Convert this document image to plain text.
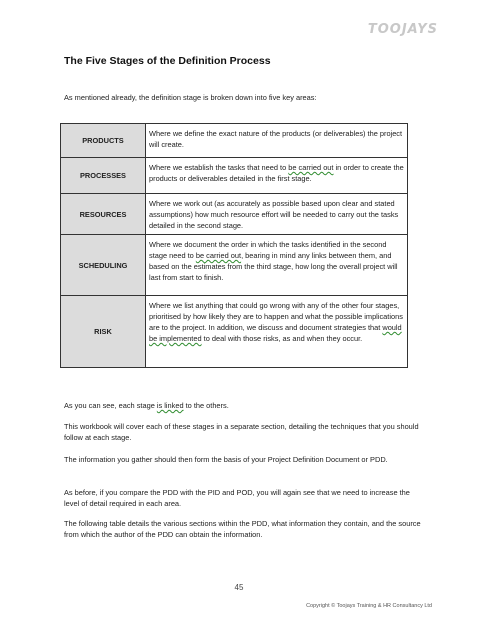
TOOJAYS
The Five Stages of the Definition Process
As mentioned already, the definition stage is broken down into five key areas:
PRODUCTS	Where we define the exact nature of the products (or deliverables) the project will create.
PROCESSES	Where we establish the tasks that need to be carried out in order to create the products or deliverables detailed in the first stage.
RESOURCES	Where we work out (as accurately as possible based upon clear and stated assumptions) how much resource effort will be needed to carry out the tasks detailed in the second stage.
SCHEDULING	Where we document the order in which the tasks identified in the second stage need to be carried out, bearing in mind any links between them, and based on the estimates from the third stage, how long the overall project will last from start to finish.
RISK	Where we list anything that could go wrong with any of the other four stages, prioritised by how likely they are to happen and what the possible implications are to the project. In addition, we discuss and document strategies that would be implemented to deal with those risks, as and when they occur.
As you can see, each stage is linked to the others.
This workbook will cover each of these stages in a separate section, detailing the techniques that you should follow at each stage.
The information you gather should then form the basis of your Project Definition Document or PDD.
As before, if you compare the PDD with the PID and POD, you will again see that we need to increase the level of detail required in each area.
The following table details the various sections within the PDD, what information they contain, and the source from which the author of the PDD can obtain the information.
45
Copyright © Toojays Training & HR Consultancy Ltd
